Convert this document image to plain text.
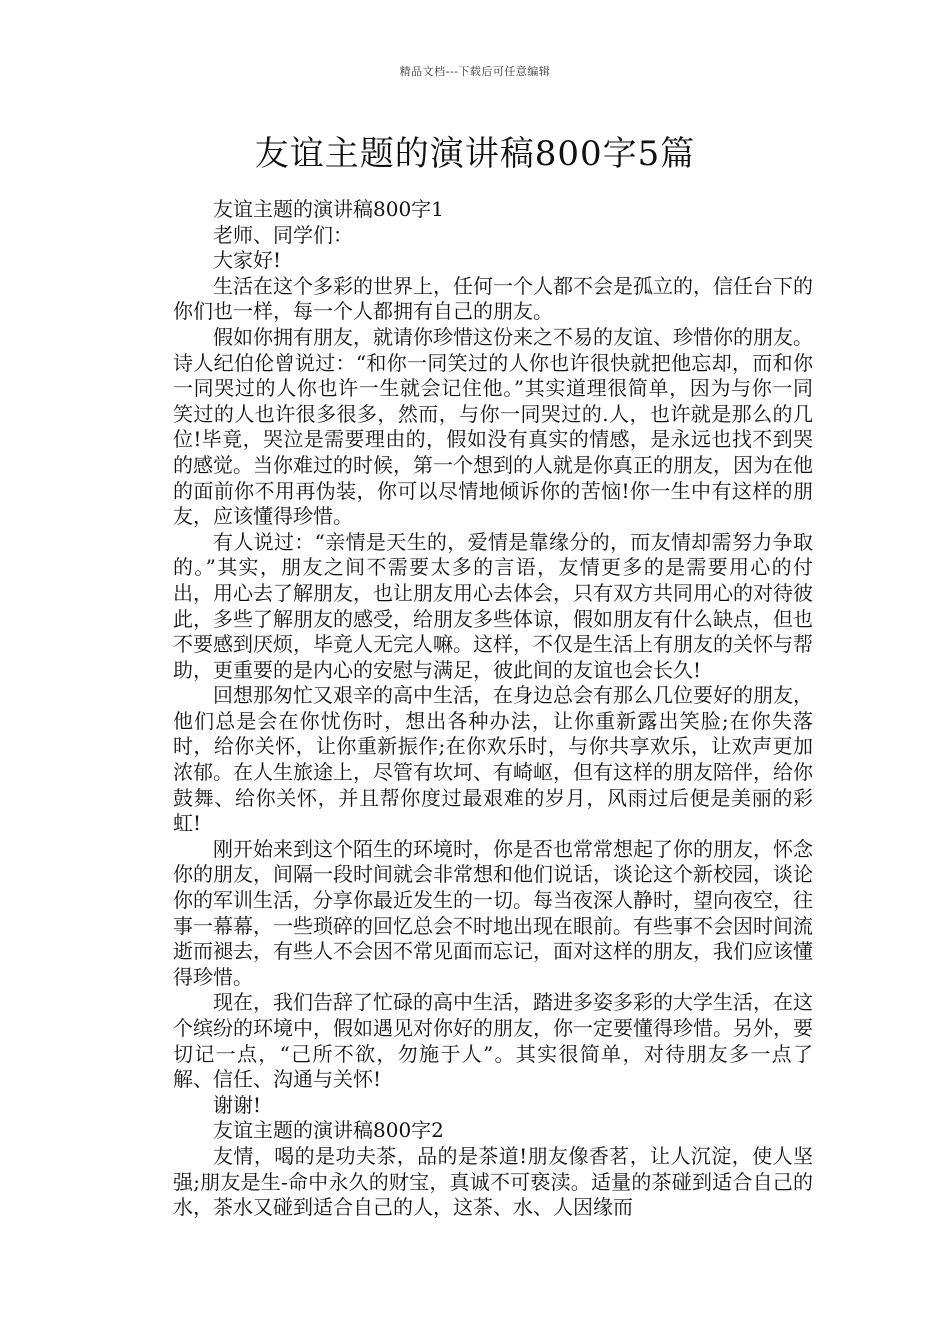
精品文档---下载后可任意编辑
友谊主题的演讲稿800字5篇

友谊主题的演讲稿800字1

老师、同学们：

大家好!

生活在这个多彩的世界上，任何一个人都不会是孤立的，信任台下的你们也一样，每一个人都拥有自己的朋友。

假如你拥有朋友，就请你珍惜这份来之不易的友谊、珍惜你的朋友。诗人纪伯伦曾说过：“和你一同笑过的人你也许很快就把他忘却，而和你一同哭过的人你也许一生就会记住他。”其实道理很简单，因为与你一同笑过的人也许很多很多，然而，与你一同哭过的.人，也许就是那么的几位!毕竟，哭泣是需要理由的，假如没有真实的情感，是永远也找不到哭的感觉。当你难过的时候，第一个想到的人就是你真正的朋友，因为在他的面前你不用再伪装，你可以尽情地倾诉你的苦恼!你一生中有这样的朋友，应该懂得珍惜。

有人说过：“亲情是天生的，爱情是靠缘分的，而友情却需努力争取的。”其实，朋友之间不需要太多的言语，友情更多的是需要用心的付出，用心去了解朋友，也让朋友用心去体会，只有双方共同用心的对待彼此，多些了解朋友的感受，给朋友多些体谅，假如朋友有什么缺点，但也不要感到厌烦，毕竟人无完人嘛。这样，不仅是生活上有朋友的关怀与帮助，更重要的是内心的安慰与满足，彼此间的友谊也会长久!

回想那匆忙又艰辛的高中生活，在身边总会有那么几位要好的朋友，他们总是会在你忧伤时，想出各种办法，让你重新露出笑脸;在你失落时，给你关怀，让你重新振作;在你欢乐时，与你共享欢乐，让欢声更加浓郁。在人生旅途上，尽管有坎坷、有崎岖，但有这样的朋友陪伴，给你鼓舞、给你关怀，并且帮你度过最艰难的岁月，风雨过后便是美丽的彩虹!

刚开始来到这个陌生的环境时，你是否也常常想起了你的朋友，怀念你的朋友，间隔一段时间就会非常想和他们说话，谈论这个新校园，谈论你的军训生活，分享你最近发生的一切。每当夜深人静时，望向夜空，往事一幕幕，一些琐碎的回忆总会不时地出现在眼前。有些事不会因时间流逝而褪去，有些人不会因不常见面而忘记，面对这样的朋友，我们应该懂得珍惜。

现在，我们告辞了忙碌的高中生活，踏进多姿多彩的大学生活，在这个缤纷的环境中，假如遇见对你好的朋友，你一定要懂得珍惜。另外，要切记一点，“己所不欲，勿施于人”。其实很简单，对待朋友多一点了解、信任、沟通与关怀!

谢谢!

友谊主题的演讲稿800字2

友情，喝的是功夫茶，品的是茶道!朋友像香茗，让人沉淀，使人坚强;朋友是生-命中永久的财宝，真诚不可亵渎。适量的茶碰到适合自己的水，茶水又碰到适合自己的人，这茶、水、人因缘而
